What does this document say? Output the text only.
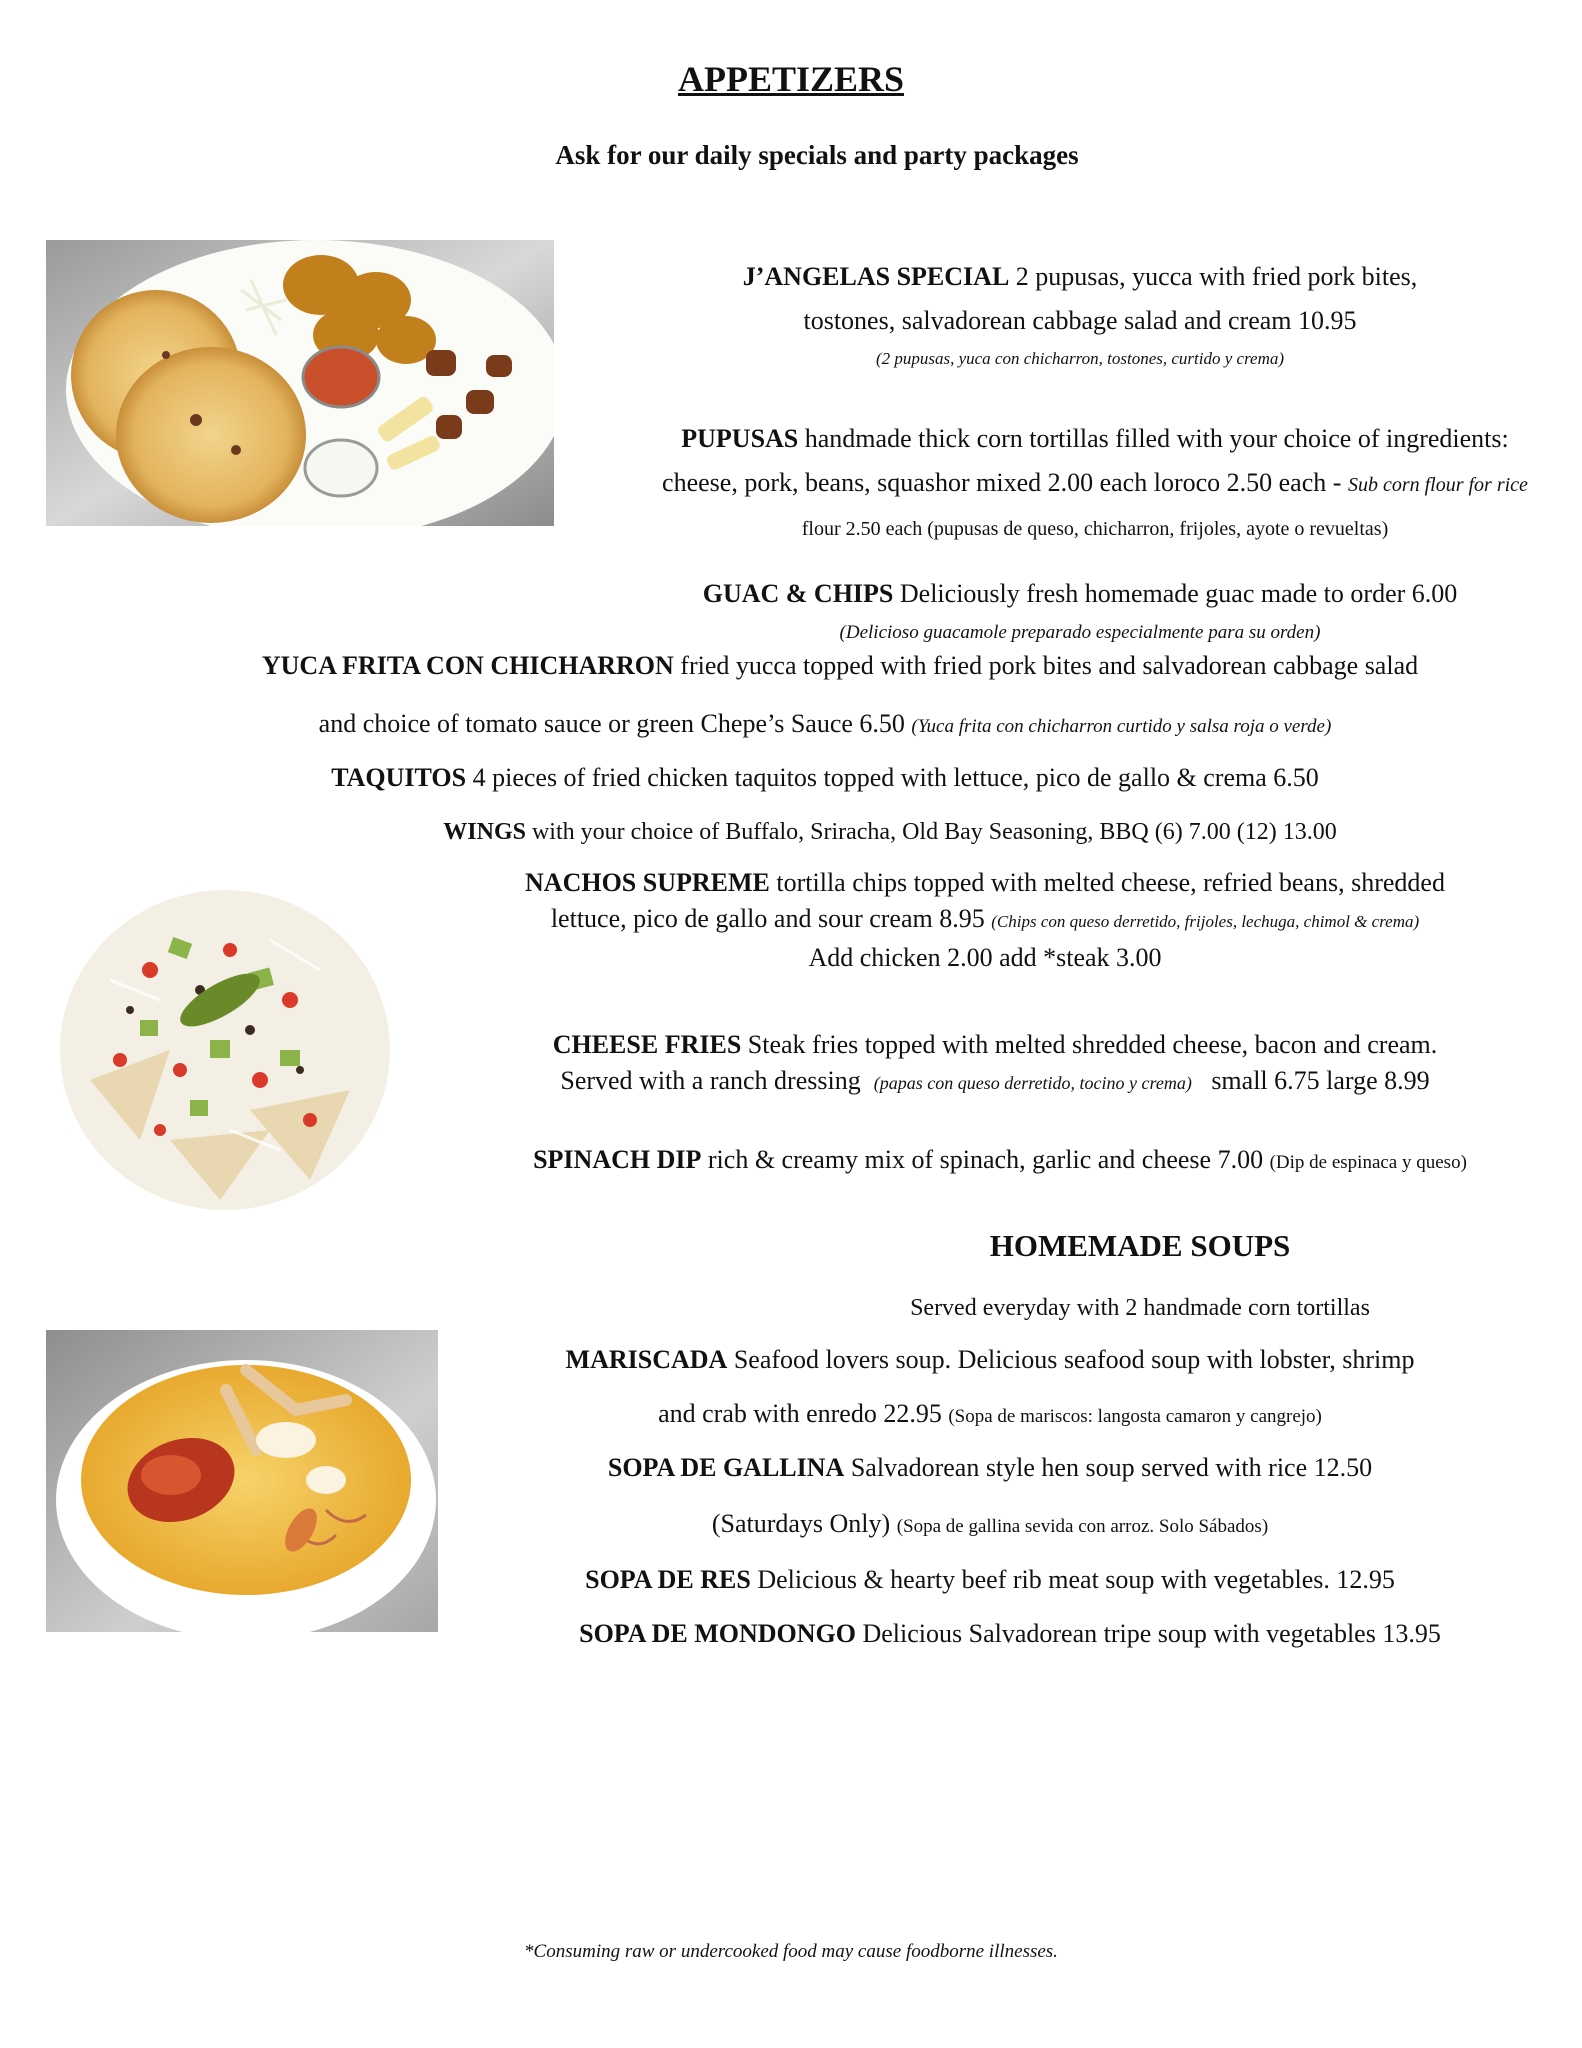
APPETIZERS
Ask for our daily specials and party packages
J’ANGELAS SPECIAL 2 pupusas, yucca with fried pork bites,
tostones, salvadorean cabbage salad and cream 10.95
(2 pupusas, yuca con chicharron, tostones, curtido y crema)
PUPUSAS handmade thick corn tortillas filled with your choice of ingredients:
cheese, pork, beans, squashor mixed 2.00 each loroco 2.50 each - Sub corn flour for rice
flour 2.50 each (pupusas de queso, chicharron, frijoles, ayote o revueltas)
GUAC & CHIPS Deliciously fresh homemade guac made to order 6.00
(Delicioso guacamole preparado especialmente para su orden)
YUCA FRITA CON CHICHARRON fried yucca topped with fried pork bites and salvadorean cabbage salad
and choice of tomato sauce or green Chepe’s Sauce 6.50 (Yuca frita con chicharron curtido y salsa roja o verde)
TAQUITOS 4 pieces of fried chicken taquitos topped with lettuce, pico de gallo & crema 6.50
WINGS with your choice of Buffalo, Sriracha, Old Bay Seasoning, BBQ (6) 7.00 (12) 13.00
NACHOS SUPREME tortilla chips topped with melted cheese, refried beans, shredded
lettuce, pico de gallo and sour cream 8.95 (Chips con queso derretido, frijoles, lechuga, chimol & crema)
Add chicken 2.00 add *steak 3.00
CHEESE FRIES Steak fries topped with melted shredded cheese, bacon and cream.
Served with a ranch dressing (papas con queso derretido, tocino y crema) small 6.75 large 8.99
SPINACH DIP rich & creamy mix of spinach, garlic and cheese 7.00 (Dip de espinaca y queso)
HOMEMADE SOUPS
Served everyday with 2 handmade corn tortillas
MARISCADA Seafood lovers soup. Delicious seafood soup with lobster, shrimp
and crab with enredo 22.95 (Sopa de mariscos: langosta camaron y cangrejo)
SOPA DE GALLINA Salvadorean style hen soup served with rice 12.50
(Saturdays Only) (Sopa de gallina sevida con arroz. Solo Sábados)
SOPA DE RES Delicious & hearty beef rib meat soup with vegetables. 12.95
SOPA DE MONDONGO Delicious Salvadorean tripe soup with vegetables 13.95
*Consuming raw or undercooked food may cause foodborne illnesses.
